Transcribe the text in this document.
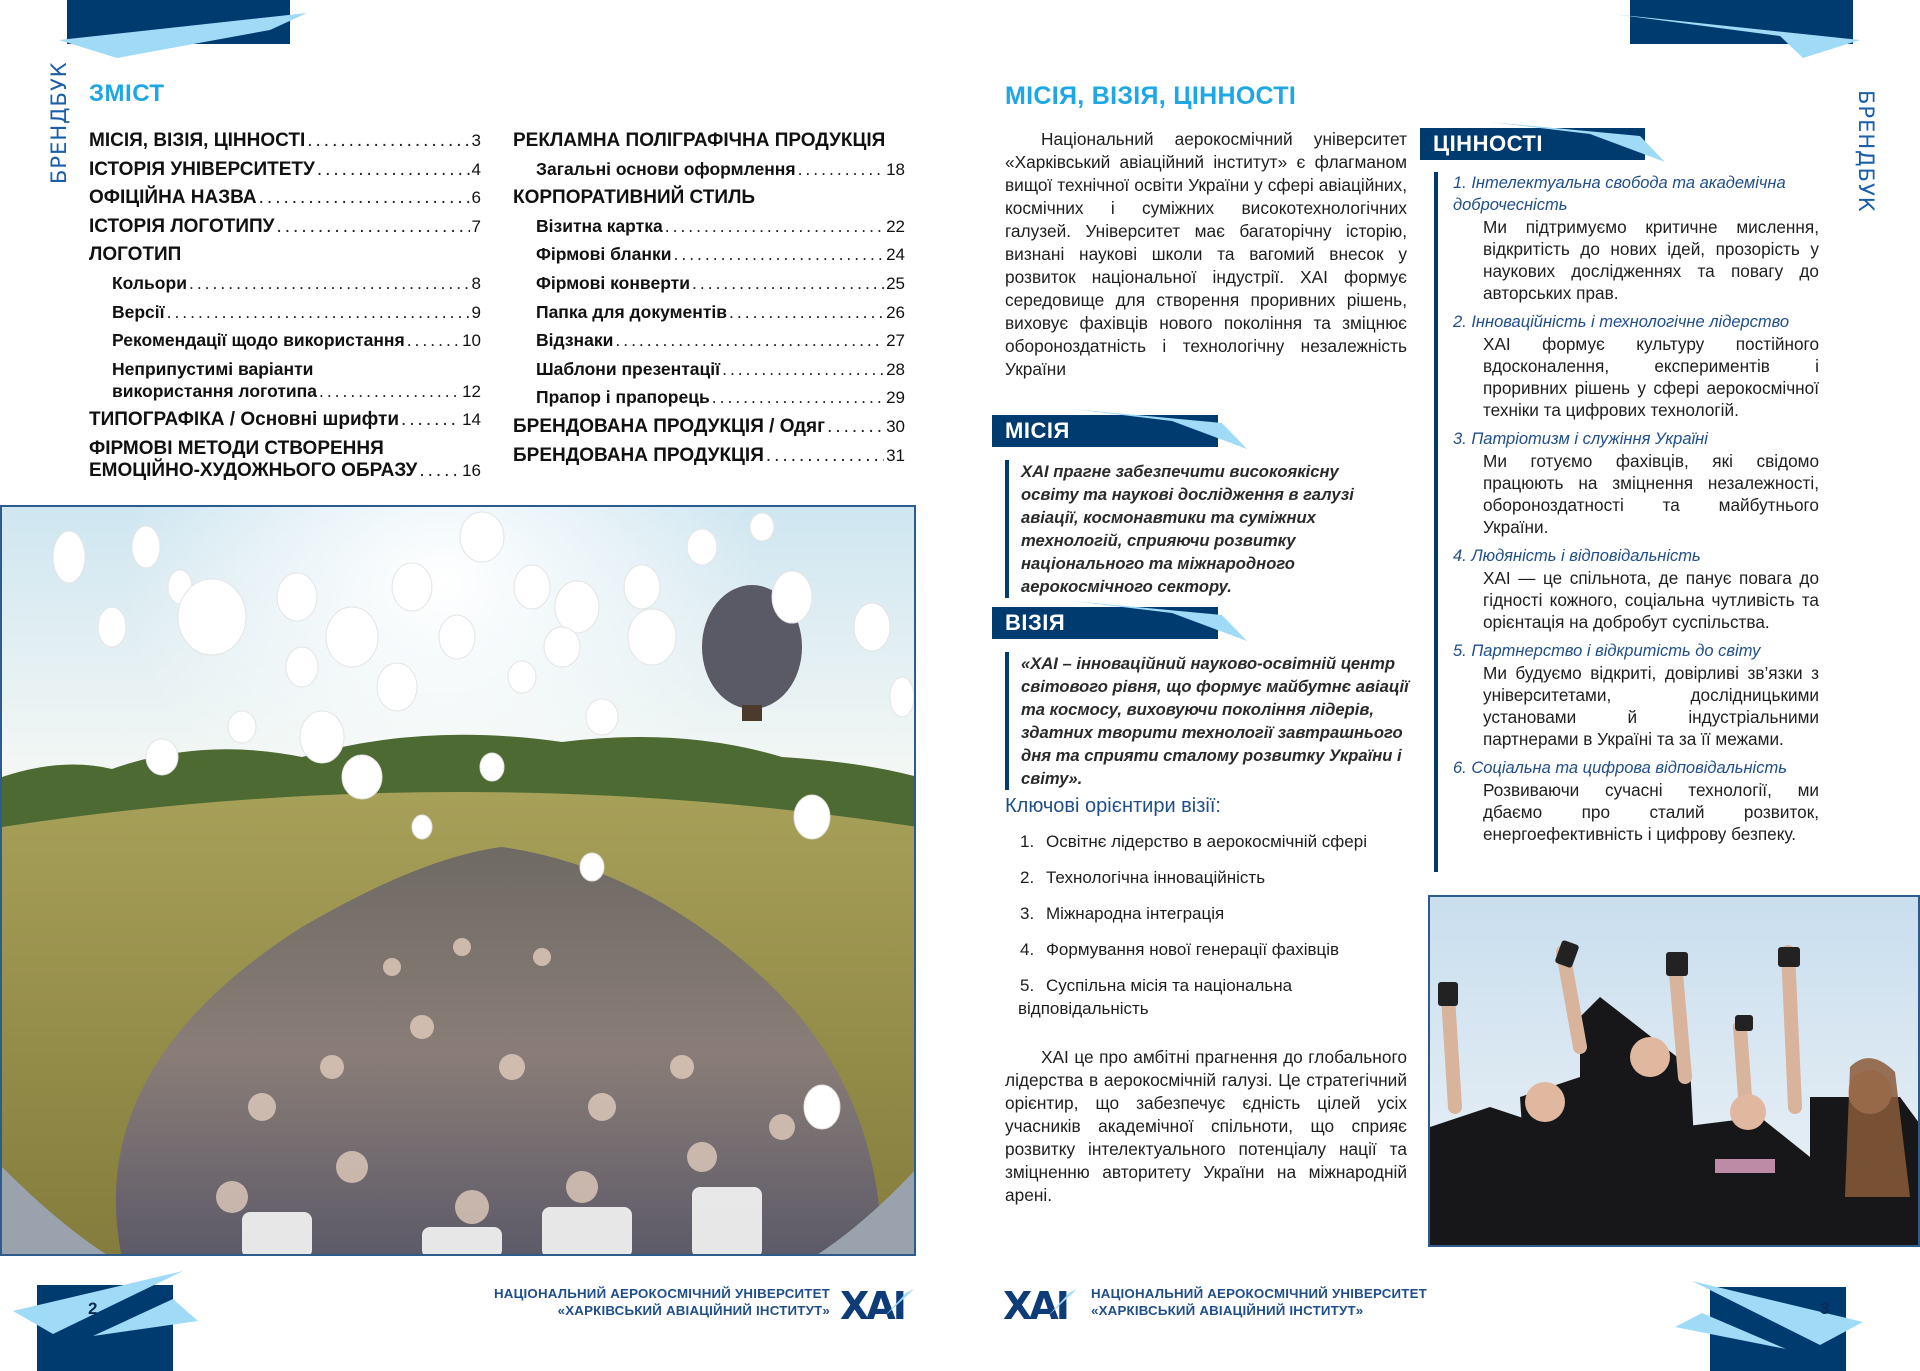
БРЕНДБУК ЗМІСТ
МІСІЯ, ВІЗІЯ, ЦІННОСТІ .....	3
ІСТОРІЯ УНІВЕРСИТЕТУ .....	4
ОФІЦІЙНА НАЗВА .....	6
ІСТОРІЯ ЛОГОТИПУ .....	7
ЛОГОТИП
Кольори .....	8
Версії .....	9
Рекомендації щодо використання .....	10
Неприпустимі варіанти
використання логотипа .....	12
ТИПОГРАФІКА / Основні шрифти .....	14
ФІРМОВІ МЕТОДИ СТВОРЕННЯ
ЕМОЦІЙНО-ХУДОЖНЬОГО ОБРАЗУ .....	16
РЕКЛАМНА ПОЛІГРАФІЧНА ПРОДУКЦІЯ
Загальні основи оформлення .....	18
КОРПОРАТИВНИЙ СТИЛЬ
Візитна картка .....	22
Фірмові бланки .....	24
Фірмові конверти .....	25
Папка для документів .....	26
Відзнаки .....	27
Шаблони презентації .....	28
Прапор і прапорець .....	29
БРЕНДОВАНА ПРОДУКЦІЯ / Одяг .....	30
БРЕНДОВАНА ПРОДУКЦІЯ .....	31
2
НАЦІОНАЛЬНИЙ АЕРОКОСМІЧНИЙ УНІВЕРСИТЕТ
«ХАРКІВСЬКИЙ АВІАЦІЙНИЙ ІНСТИТУТ» XAI
БРЕНДБУК
МІСІЯ, ВІЗІЯ, ЦІННОСТІ
Національний аерокосмічний університет «Харківський авіаційний інститут» є флагманом вищої технічної освіти України у сфері авіаційних, космічних і суміжних високотехнологічних галузей. Університет має багаторічну історію, визнані наукові школи та вагомий внесок у розвиток національної індустрії. ХАІ формує середовище для створення проривних рішень, виховує фахівців нового покоління та зміцнює обороноздатність і технологічну незалежність України
МІСІЯ

ХАІ прагне забезпечити високоякісну освіту та наукові дослідження в галузі авіації, космонавтики та суміжних технологій, сприяючи розвитку національного та міжнародного аерокосмічного сектору.

ВІЗІЯ

«ХАІ – інноваційний науково-освітній центр світового рівня, що формує майбутнє авіації та космосу, виховуючи покоління лідерів, здатних творити технології завтрашнього дня та сприяти сталому розвитку України і світу».

Ключові орієнтири візії:
1. Освітнє лідерство в аерокосмічній сфері
2. Технологічна інноваційність
3. Міжнародна інтеграція
4. Формування нової генерації фахівців
5. Суспільна місія та національна відповідальність
ХАІ це про амбітні прагнення до глобального лідерства в аерокосмічній галузі. Це стратегічний орієнтир, що забезпечує єдність цілей усіх учасників академічної спільноти, що сприяє розвитку інтелектуального потенціалу нації та зміцненню авторитету України на міжнародній арені.
ЦІННОСТІ
1. Інтелектуальна свобода та академічна доброчесність
Ми підтримуємо критичне мислення, відкритість до нових ідей, прозорість у наукових дослідженнях та повагу до авторських прав.
2. Інноваційність і технологічне лідерство
ХАІ формує культуру постійного вдосконалення, експериментів і проривних рішень у сфері аерокосмічної техніки та цифрових технологій.
3. Патріотизм і служіння Україні
Ми готуємо фахівців, які свідомо працюють на зміцнення незалежності, обороноздатності та майбутнього України.
4. Людяність і відповідальність
ХАІ — це спільнота, де панує повага до гідності кожного, соціальна чутливість та орієнтація на добробут суспільства.
5. Партнерство і відкритість до світу
Ми будуємо відкриті, довірливі зв’язки з університетами, дослідницькими установами й індустріальними партнерами в Україні та за її межами.
6. Соціальна та цифрова відповідальність
Розвиваючи сучасні технології, ми дбаємо про сталий розвиток, енергоефективність і цифрову безпеку.
XAI НАЦІОНАЛЬНИЙ АЕРОКОСМІЧНИЙ УНІВЕРСИТЕТ
«ХАРКІВСЬКИЙ АВІАЦІЙНИЙ ІНСТИТУТ»	3
